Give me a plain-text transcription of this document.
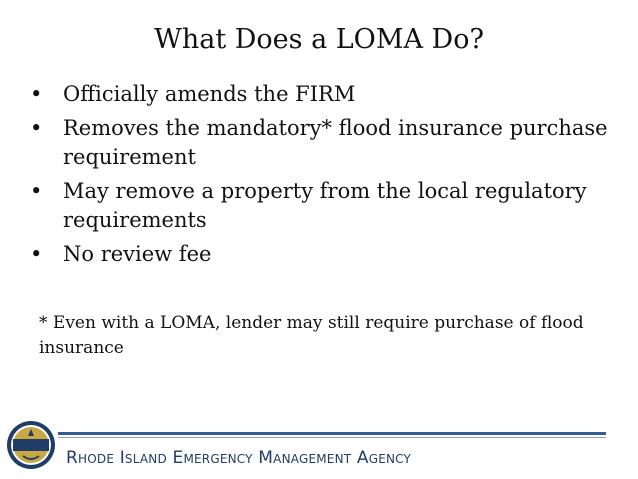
What Does a LOMA Do?
• Officially amends the FIRM
• Removes the mandatory* flood insurance purchase requirement
• May remove a property from the local regulatory requirements
• No review fee

* Even with a LOMA, lender may still require purchase of flood insurance

Rhode Island Emergency Management Agency
